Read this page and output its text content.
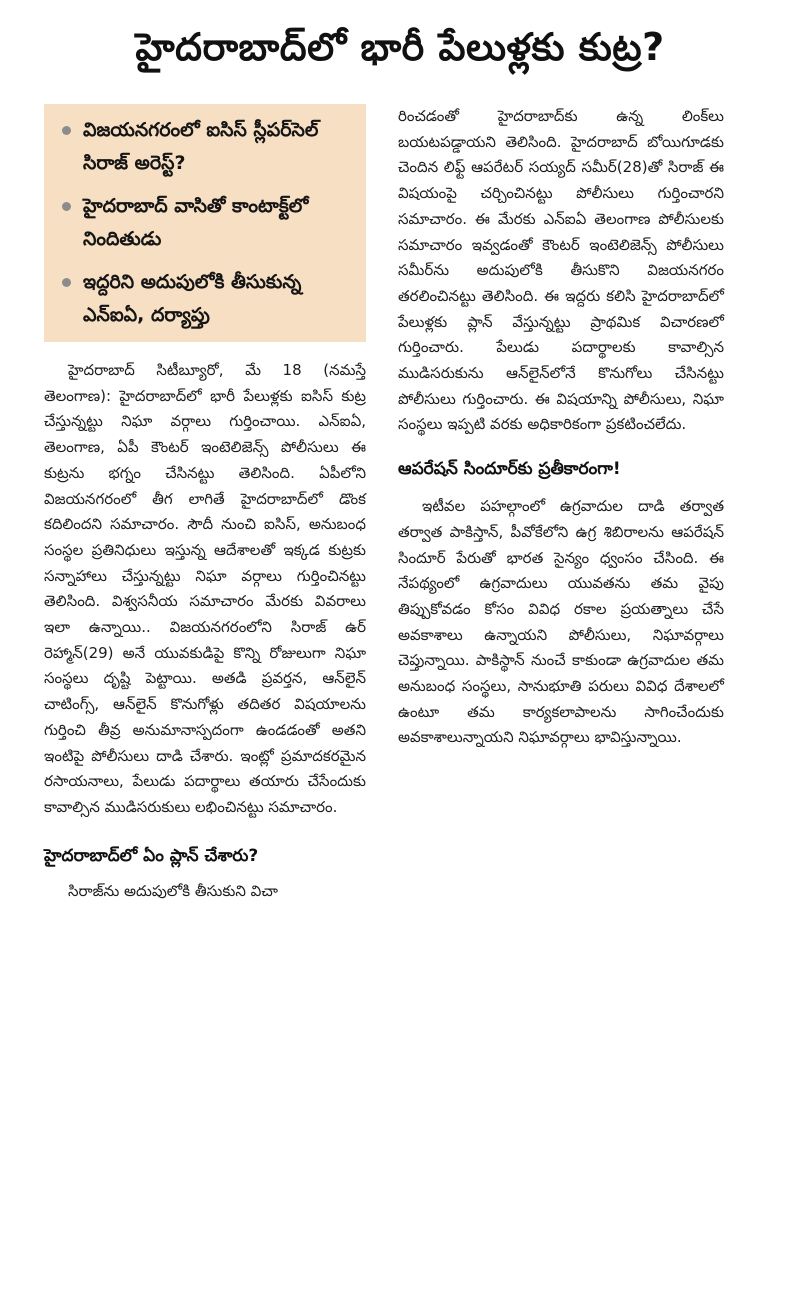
హైదరాబాద్‌లో భారీ పేలుళ్లకు కుట్ర?
విజయనగరంలో ఐసిస్ స్లీపర్‌సెల్ సిరాజ్ అరెస్ట్?
హైదరాబాద్ వాసితో కాంటాక్ట్‌లో నిందితుడు
ఇద్దరిని అదుపులోకి తీసుకున్న ఎన్ఐఏ, దర్యాప్తు

హైదరాబాద్ సిటీబ్యూరో, మే 18 (నమస్తే తెలంగాణ): హైదరాబాద్‌లో భారీ పేలుళ్లకు ఐసిస్ కుట్ర చేస్తున్నట్టు నిఘా వర్గాలు గుర్తించాయి. ఎన్ఐఏ, తెలంగాణ, ఏపీ కౌంటర్ ఇంటెలిజెన్స్ పోలీసులు ఈ కుట్రను భగ్నం చేసినట్టు తెలిసింది. ఏపీలోని విజయనగరంలో తీగ లాగితే హైదరాబాద్‌లో డొంక కదిలిందని సమాచారం. సౌదీ నుంచి ఐసిస్, అనుబంధ సంస్థల ప్రతినిధులు ఇస్తున్న ఆదేశాలతో ఇక్కడ కుట్రకు సన్నాహాలు చేస్తున్నట్టు నిఘా వర్గాలు గుర్తించినట్టు తెలిసింది. విశ్వసనీయ సమాచారం మేరకు వివరాలు ఇలా ఉన్నాయి.. విజయనగరంలోని సిరాజ్ ఉర్ రెహ్మాన్(29) అనే యువకుడిపై కొన్ని రోజులుగా నిఘా సంస్థలు దృష్టి పెట్టాయి. అతడి ప్రవర్తన, ఆన్‌లైన్ చాటింగ్స్, ఆన్‌లైన్ కొనుగోళ్లు తదితర విషయాలను గుర్తించి తీవ్ర అనుమానాస్పదంగా ఉండడంతో అతని ఇంటిపై పోలీసులు దాడి చేశారు. ఇంట్లో ప్రమాదకరమైన రసాయనాలు, పేలుడు పదార్థాలు తయారు చేసేందుకు కావాల్సిన ముడిసరుకులు లభించినట్టు సమాచారం.

హైదరాబాద్‌లో ఏం ప్లాన్ చేశారు?

సిరాజ్‌ను అదుపులోకి తీసుకుని విచా

రించడంతో హైదరాబాద్‌కు ఉన్న లింక్‌లు బయటపడ్డాయని తెలిసింది. హైదరాబాద్ బోయిగూడకు చెందిన లిఫ్ట్ ఆపరేటర్ సయ్యద్ సమీర్(28)తో సిరాజ్ ఈ విషయంపై చర్చించినట్టు పోలీసులు గుర్తించారని సమాచారం. ఈ మేరకు ఎన్ఐఏ తెలంగాణ పోలీసులకు సమాచారం ఇవ్వడంతో కౌంటర్ ఇంటెలిజెన్స్ పోలీసులు సమీర్‌ను అదుపులోకి తీసుకొని విజయనగరం తరలించినట్టు తెలిసింది. ఈ ఇద్దరు కలిసి హైదరాబాద్‌లో పేలుళ్లకు ప్లాన్ వేస్తున్నట్టు ప్రాథమిక విచారణలో గుర్తించారు. పేలుడు పదార్థాలకు కావాల్సిన ముడిసరుకును ఆన్‌లైన్‌లోనే కొనుగోలు చేసినట్టు పోలీసులు గుర్తించారు. ఈ విషయాన్ని పోలీసులు, నిఘా సంస్థలు ఇప్పటి వరకు అధికారికంగా ప్రకటించలేదు.

ఆపరేషన్ సిందూర్‌కు ప్రతీకారంగా!

ఇటీవల పహల్గాంలో ఉగ్రవాదుల దాడి తర్వాత తర్వాత పాకిస్తాన్, పీవోకేలోని ఉగ్ర శిబిరాలను ఆపరేషన్ సిందూర్ పేరుతో భారత సైన్యం ధ్వంసం చేసింది. ఈ నేపథ్యంలో ఉగ్రవాదులు యువతను తమ వైపు తిప్పుకోవడం కోసం వివిధ రకాల ప్రయత్నాలు చేసే అవకాశాలు ఉన్నాయని పోలీసులు, నిఘావర్గాలు చెప్తున్నాయి. పాకిస్థాన్ నుంచే కాకుండా ఉగ్రవాదుల తమ అనుబంధ సంస్థలు, సానుభూతి పరులు వివిధ దేశాలలో ఉంటూ తమ కార్యకలాపాలను సాగించేందుకు అవకాశాలున్నాయని నిఘావర్గాలు భావిస్తున్నాయి.
